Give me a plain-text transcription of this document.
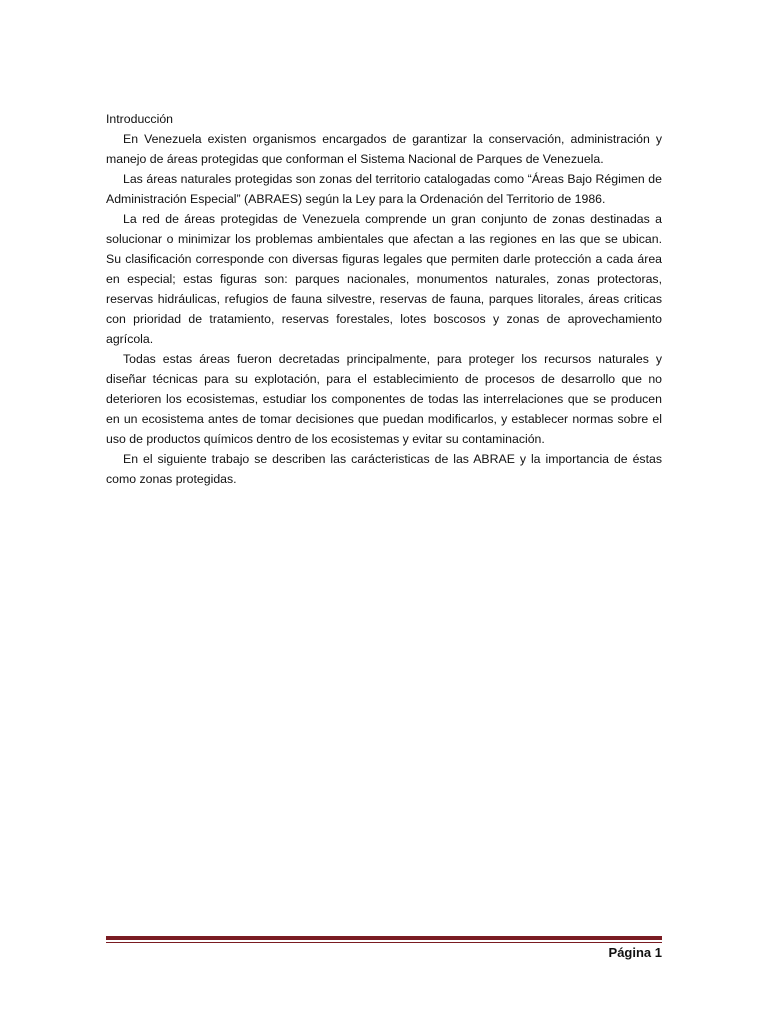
Introducción

En Venezuela existen organismos encargados de garantizar la conservación, administración y manejo de áreas protegidas que conforman el Sistema Nacional de Parques de Venezuela.

Las áreas naturales protegidas son zonas del territorio catalogadas como “Áreas Bajo Régimen de Administración Especial” (ABRAES) según la Ley para la Ordenación del Territorio de 1986.

La red de áreas protegidas de Venezuela comprende un gran conjunto de zonas destinadas a solucionar o minimizar los problemas ambientales que afectan a las regiones en las que se ubican. Su clasificación corresponde con diversas figuras legales que permiten darle protección a cada área en especial; estas figuras son: parques nacionales, monumentos naturales, zonas protectoras, reservas hidráulicas, refugios de fauna silvestre, reservas de fauna, parques litorales, áreas criticas con prioridad de tratamiento, reservas forestales, lotes boscosos y zonas de aprovechamiento agrícola.

Todas estas áreas fueron decretadas principalmente, para proteger los recursos naturales y diseñar técnicas para su explotación, para el establecimiento de procesos de desarrollo que no deterioren los ecosistemas, estudiar los componentes de todas las interrelaciones que se producen en un ecosistema antes de tomar decisiones que puedan modificarlos, y establecer normas sobre el uso de productos químicos dentro de los ecosistemas y evitar su contaminación.

En el siguiente trabajo se describen las carácteristicas de las ABRAE y la importancia de éstas como zonas protegidas.

Página 1
